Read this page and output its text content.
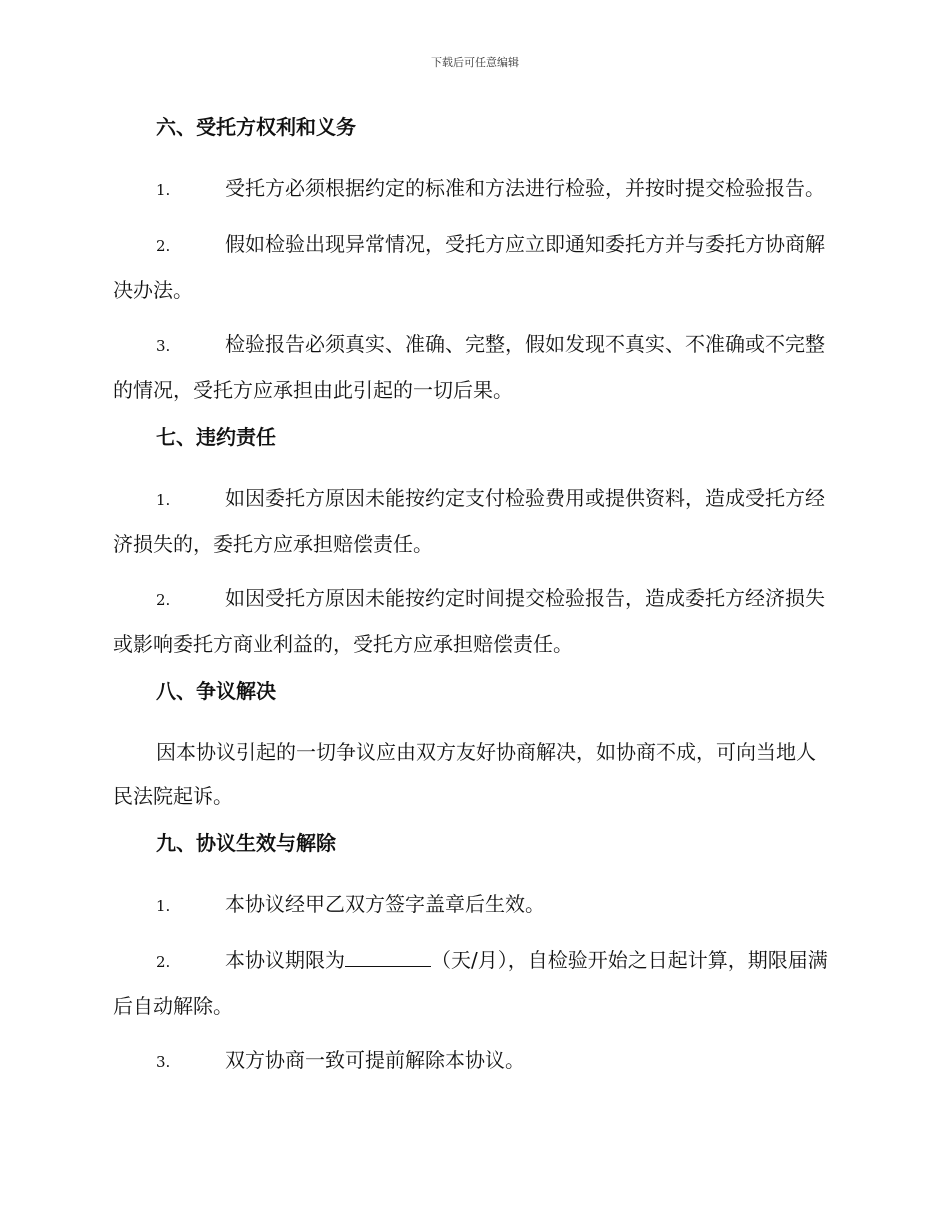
下载后可任意编辑
六、受托方权利和义务
1.	受托方必须根据约定的标准和方法进行检验，并按时提交检验报告。
2.	假如检验出现异常情况，受托方应立即通知委托方并与委托方协商解决办法。
3.	检验报告必须真实、准确、完整，假如发现不真实、不准确或不完整的情况，受托方应承担由此引起的一切后果。
七、违约责任
1.	如因委托方原因未能按约定支付检验费用或提供资料，造成受托方经济损失的，委托方应承担赔偿责任。
2.	如因受托方原因未能按约定时间提交检验报告，造成委托方经济损失或影响委托方商业利益的，受托方应承担赔偿责任。
八、争议解决
因本协议引起的一切争议应由双方友好协商解决，如协商不成，可向当地人民法院起诉。
九、协议生效与解除
1.	本协议经甲乙双方签字盖章后生效。
2.	本协议期限为	（天/月），自检验开始之日起计算，期限届满后自动解除。
3.	双方协商一致可提前解除本协议。
